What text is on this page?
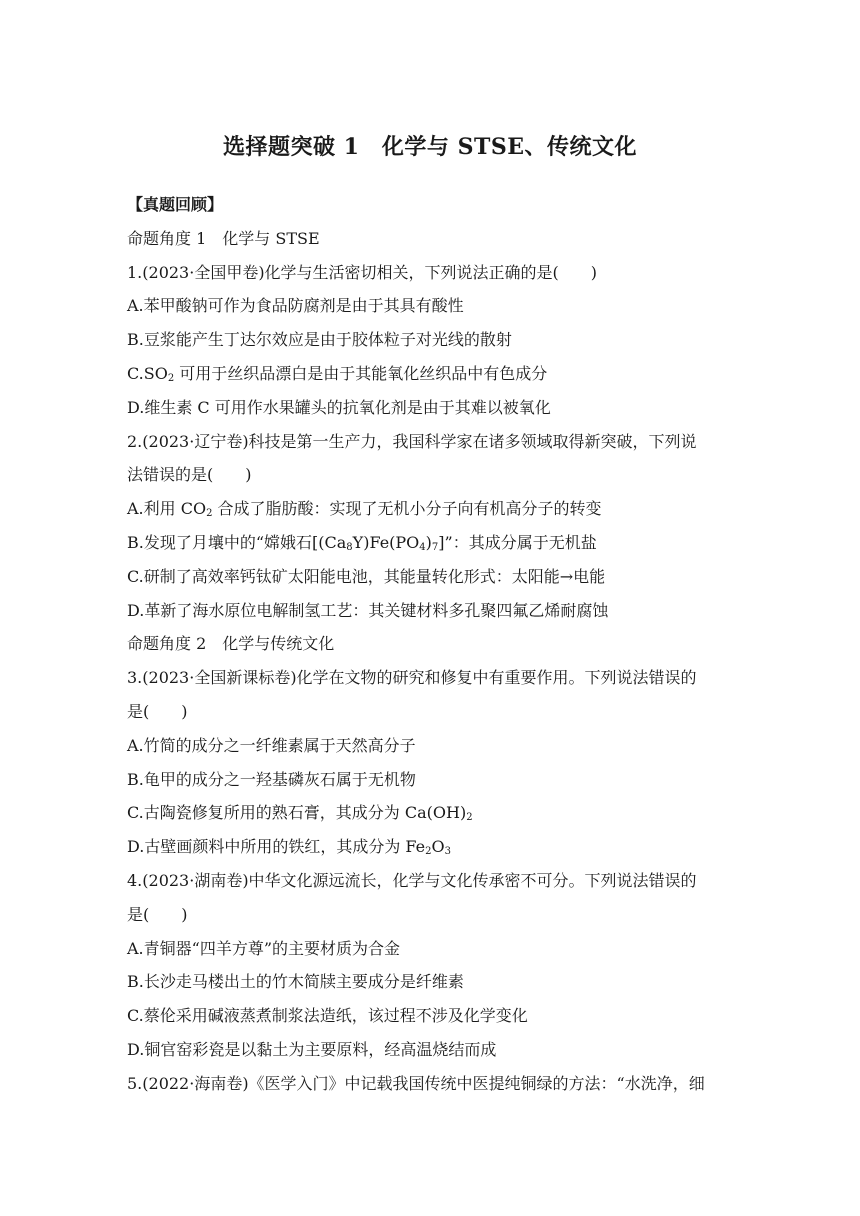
选择题突破 1　化学与 STSE、传统文化
【真题回顾】
命题角度 1　化学与 STSE
1.(2023·全国甲卷)化学与生活密切相关，下列说法正确的是(　　)
A.苯甲酸钠可作为食品防腐剂是由于其具有酸性
B.豆浆能产生丁达尔效应是由于胶体粒子对光线的散射
$C.SO_2$ 可用于丝织品漂白是由于其能氧化丝织品中有色成分
D.维生素 C 可用作水果罐头的抗氧化剂是由于其难以被氧化
2.(2023·辽宁卷)科技是第一生产力，我国科学家在诸多领域取得新突破，下列说
法错误的是(　　)
A.利用 $CO_2$ 合成了脂肪酸：实现了无机小分子向有机高分子的转变
B.发现了月壤中的“嫦娥石$[(Ca_8Y)Fe(PO_4)_7]$”：其成分属于无机盐
C.研制了高效率钙钛矿太阳能电池，其能量转化形式：太阳能→电能
D.革新了海水原位电解制氢工艺：其关键材料多孔聚四氟乙烯耐腐蚀
命题角度 2　化学与传统文化
3.(2023·全国新课标卷)化学在文物的研究和修复中有重要作用。下列说法错误的
是(　　)
A.竹简的成分之一纤维素属于天然高分子
B.龟甲的成分之一羟基磷灰石属于无机物
C.古陶瓷修复所用的熟石膏，其成分为 $Ca(OH)_2$
D.古壁画颜料中所用的铁红，其成分为 $Fe_2O_3$
4.(2023·湖南卷)中华文化源远流长，化学与文化传承密不可分。下列说法错误的
是(　　)
A.青铜器“四羊方尊”的主要材质为合金
B.长沙走马楼出土的竹木简牍主要成分是纤维素
C.蔡伦采用碱液蒸煮制浆法造纸，该过程不涉及化学变化
D.铜官窑彩瓷是以黏土为主要原料，经高温烧结而成
5.(2022·海南卷)《医学入门》中记载我国传统中医提纯铜绿的方法：“水洗净，细
